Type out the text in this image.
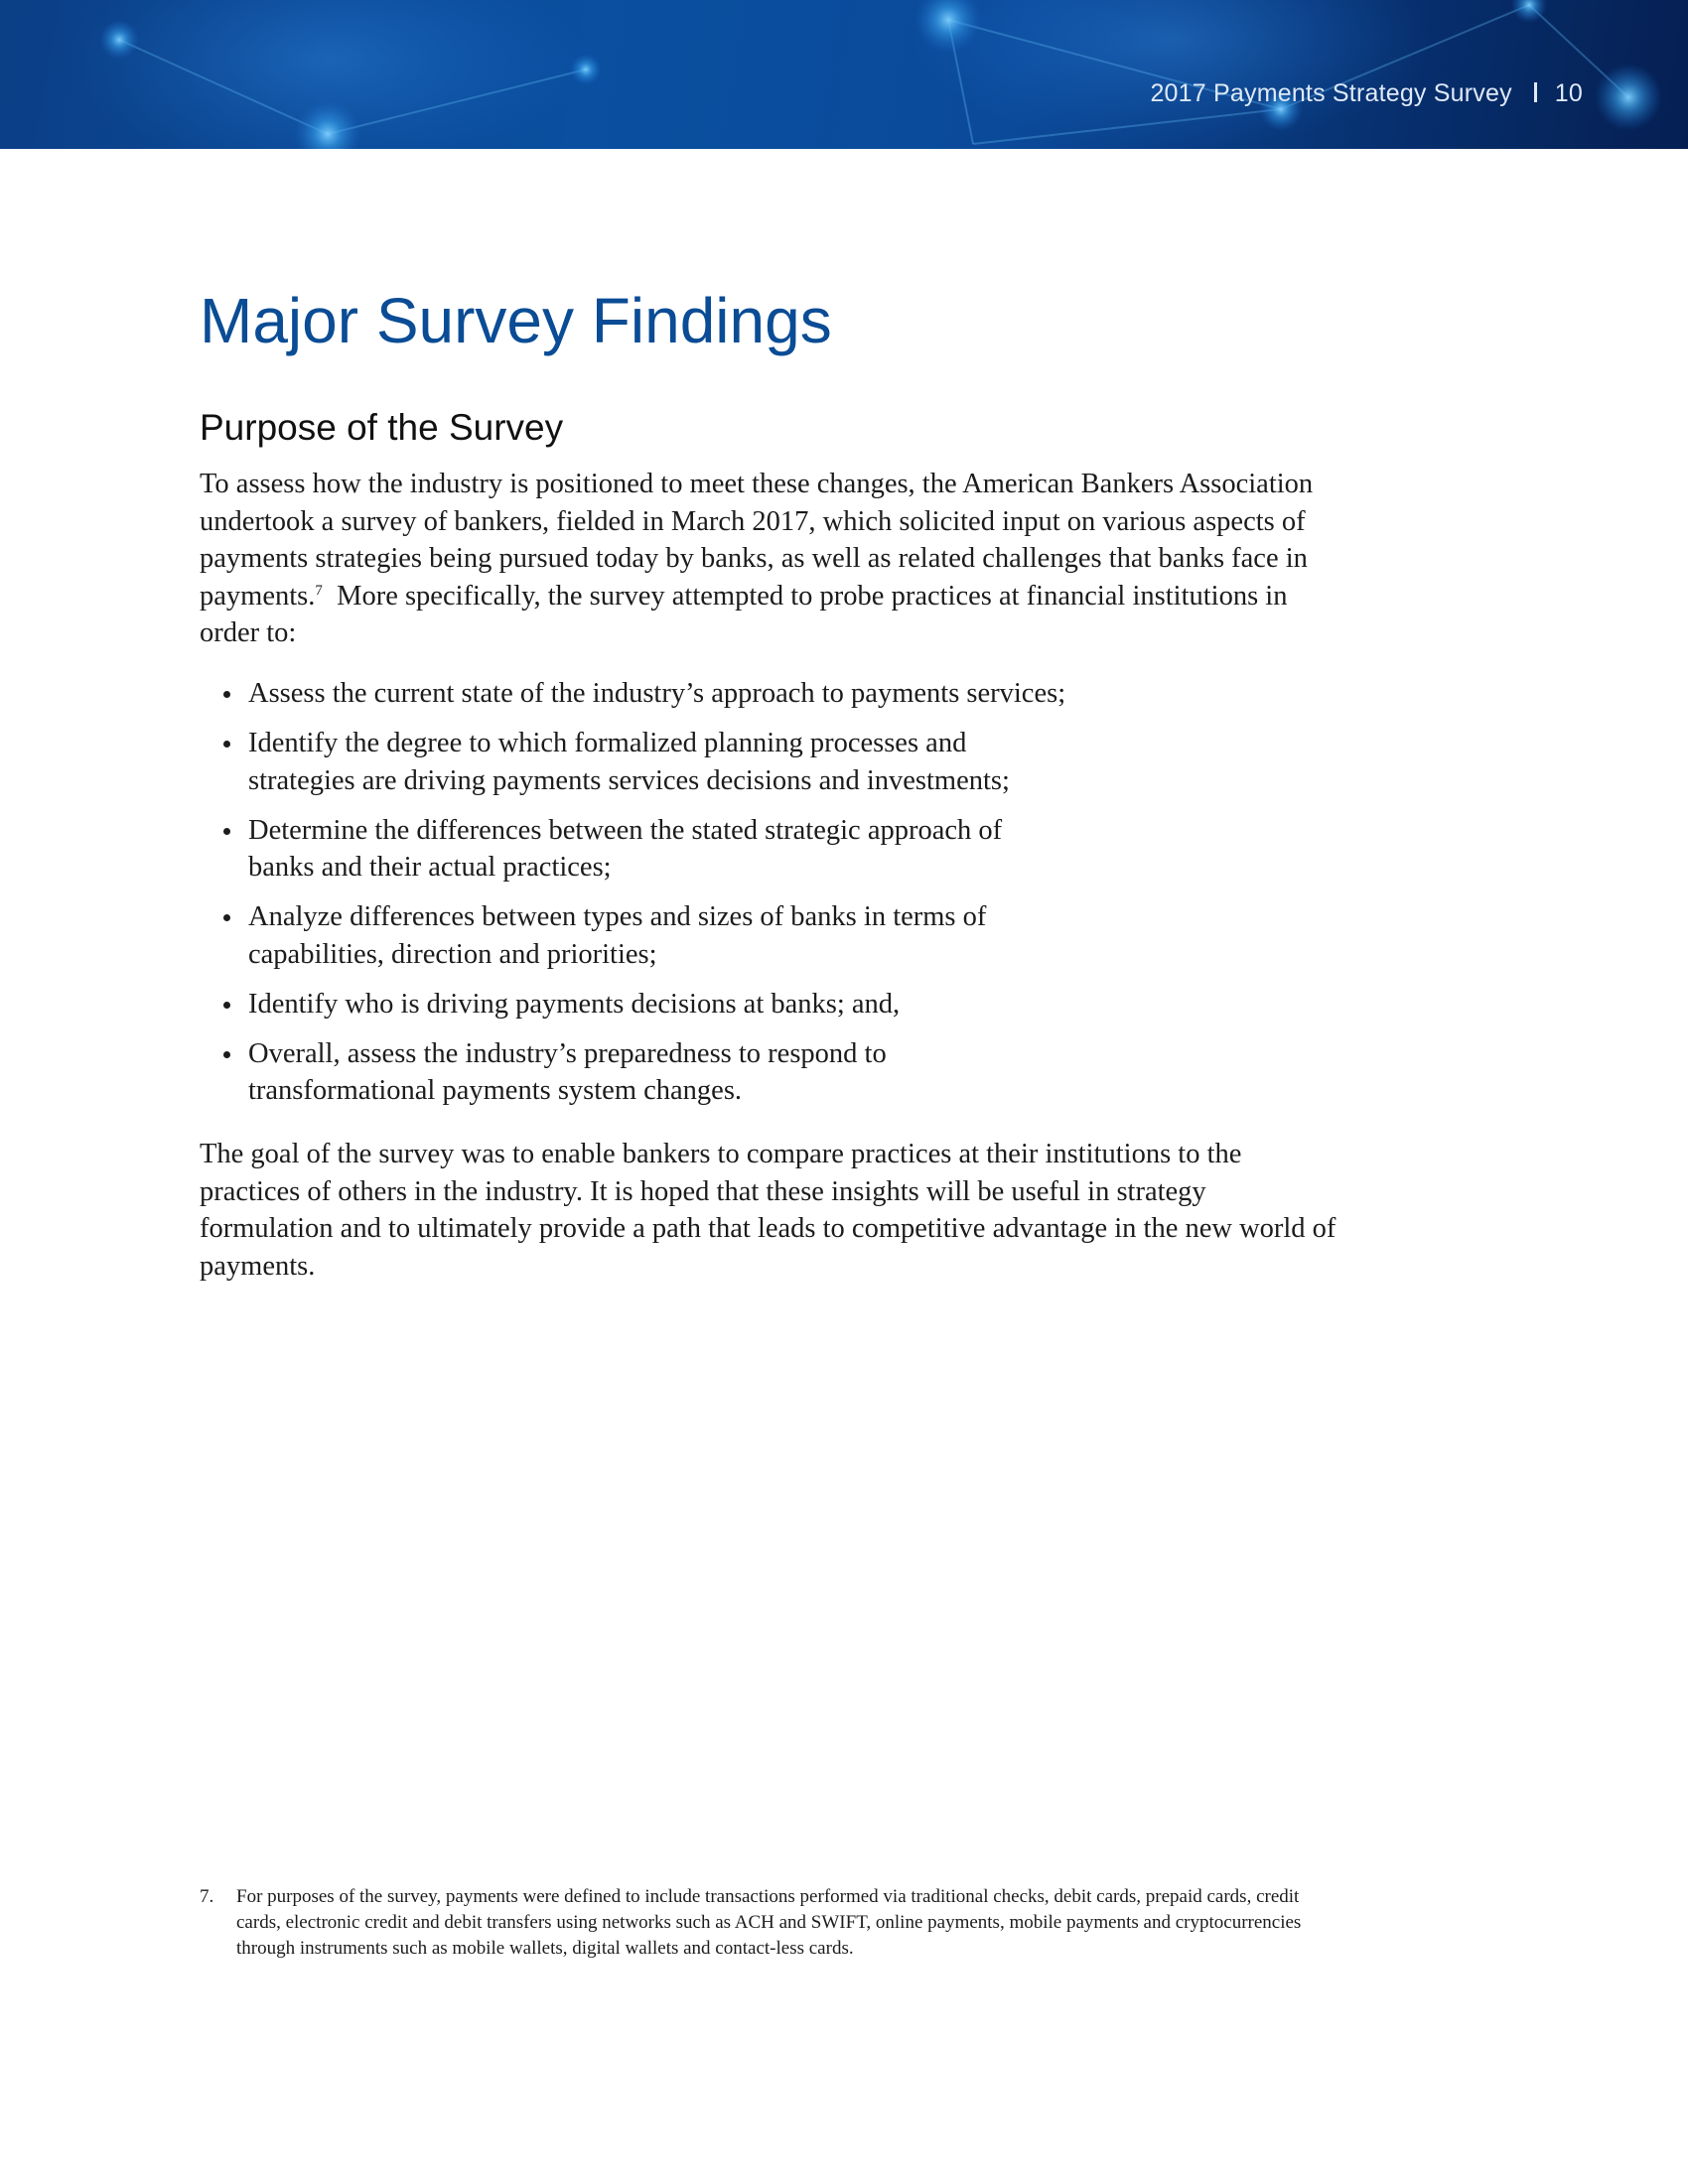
2017 Payments Strategy Survey 10
Major Survey Findings
Purpose of the Survey

To assess how the industry is positioned to meet these changes, the American Bankers Association undertook a survey of bankers, fielded in March 2017, which solicited input on various aspects of payments strategies being pursued today by banks, as well as related challenges that banks face in payments.$^7$  More specifically, the survey attempted to probe practices at financial institutions in order to:

Assess the current state of the industry’s approach to payments services;
Identify the degree to which formalized planning processes and strategies are driving payments services decisions and investments;
Determine the differences between the stated strategic approach of banks and their actual practices;
Analyze differences between types and sizes of banks in terms of capabilities, direction and priorities;
Identify who is driving payments decisions at banks; and,
Overall, assess the industry’s preparedness to respond to transformational payments system changes.

The goal of the survey was to enable bankers to compare practices at their institutions to the practices of others in the industry. It is hoped that these insights will be useful in strategy formulation and to ultimately provide a path that leads to competitive advantage in the new world of payments.

7. For purposes of the survey, payments were defined to include transactions performed via traditional checks, debit cards, prepaid cards, credit cards, electronic credit and debit transfers using networks such as ACH and SWIFT, online payments, mobile payments and cryptocurrencies through instruments such as mobile wallets, digital wallets and contact-less cards.
